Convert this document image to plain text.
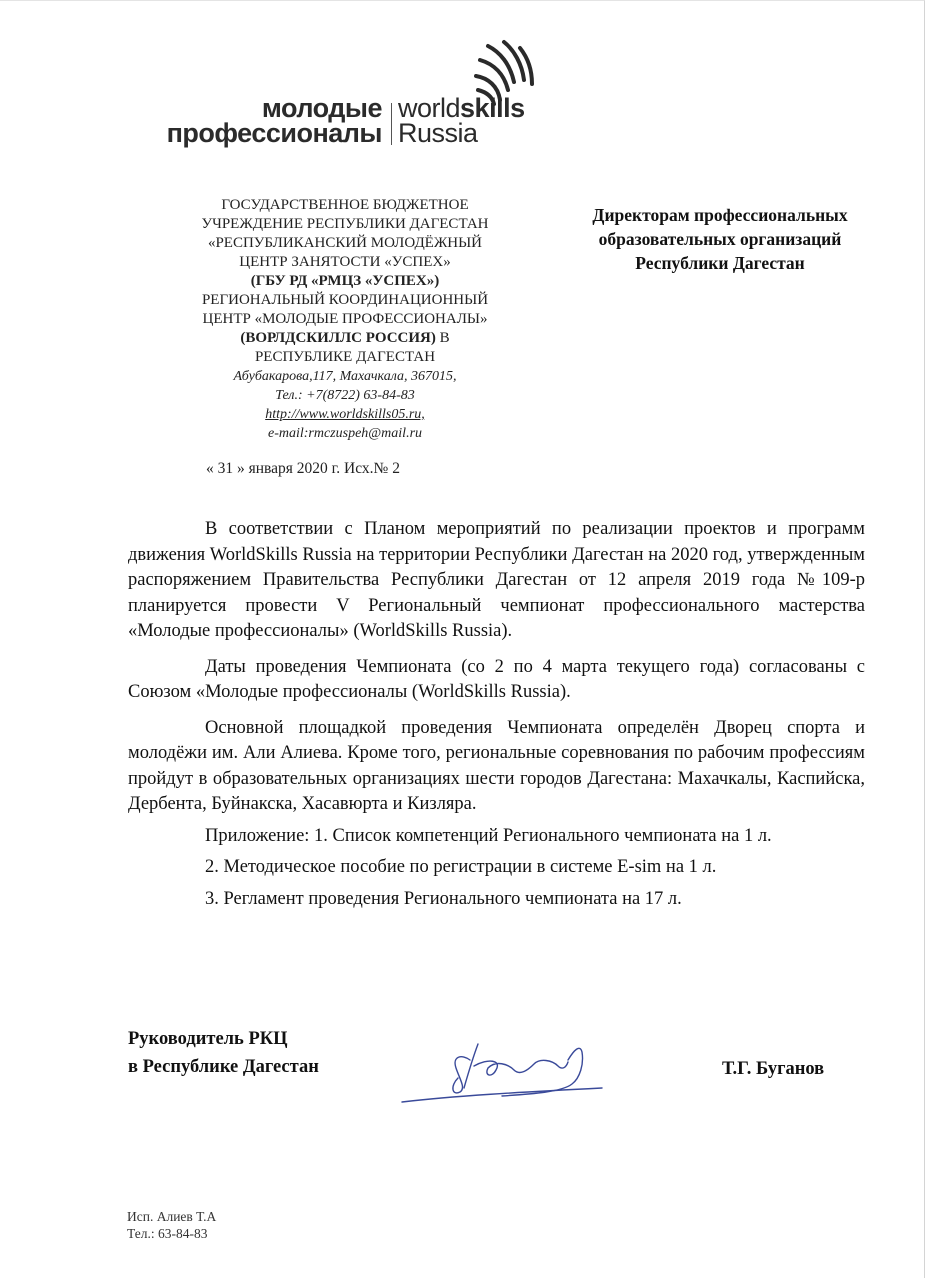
молодые
профессионалы
worldskills
Russia
ГОСУДАРСТВЕННОЕ БЮДЖЕТНОЕ
УЧРЕЖДЕНИЕ РЕСПУБЛИКИ ДАГЕСТАН
«РЕСПУБЛИКАНСКИЙ МОЛОДЁЖНЫЙ
ЦЕНТР ЗАНЯТОСТИ «УСПЕХ»
(ГБУ РД «РМЦЗ «УСПЕХ»)
РЕГИОНАЛЬНЫЙ КООРДИНАЦИОННЫЙ
ЦЕНТР «МОЛОДЫЕ ПРОФЕССИОНАЛЫ»
(ВОРЛДСКИЛЛС РОССИЯ) В
РЕСПУБЛИКЕ ДАГЕСТАН
Абубакарова,117, Махачкала, 367015,
Тел.: +7(8722) 63-84-83
http://www.worldskills05.ru,
e-mail:rmczuspeh@mail.ru
« 31 » января 2020 г. Исх.№ 2
Директорам профессиональных
образовательных организаций
Республики Дагестан

В соответствии с Планом мероприятий по реализации проектов и программ движения WorldSkills Russia на территории Республики Дагестан на 2020 год, утвержденным распоряжением Правительства Республики Дагестан от 12 апреля 2019 года №109-р планируется провести V Региональный чемпионат профессионального мастерства «Молодые профессионалы» (WorldSkills Russia).

Даты проведения Чемпионата (со 2 по 4 марта текущего года) согласованы с Союзом «Молодые профессионалы (WorldSkills Russia).

Основной площадкой проведения Чемпионата определён Дворец спорта и молодёжи им. Али Алиева. Кроме того, региональные соревнования по рабочим профессиям пройдут в образовательных организациях шести городов Дагестана: Махачкалы, Каспийска, Дербента, Буйнакска, Хасавюрта и Кизляра.

Приложение: 1. Список компетенций Регионального чемпионата на 1 л.

2. Методическое пособие по регистрации в системе E-sim на 1 л.

3. Регламент проведения Регионального чемпионата на 17 л.

Руководитель РКЦ
в Республике Дагестан	Т.Г. Буганов
Исп. Алиев Т.А
Тел.: 63-84-83
